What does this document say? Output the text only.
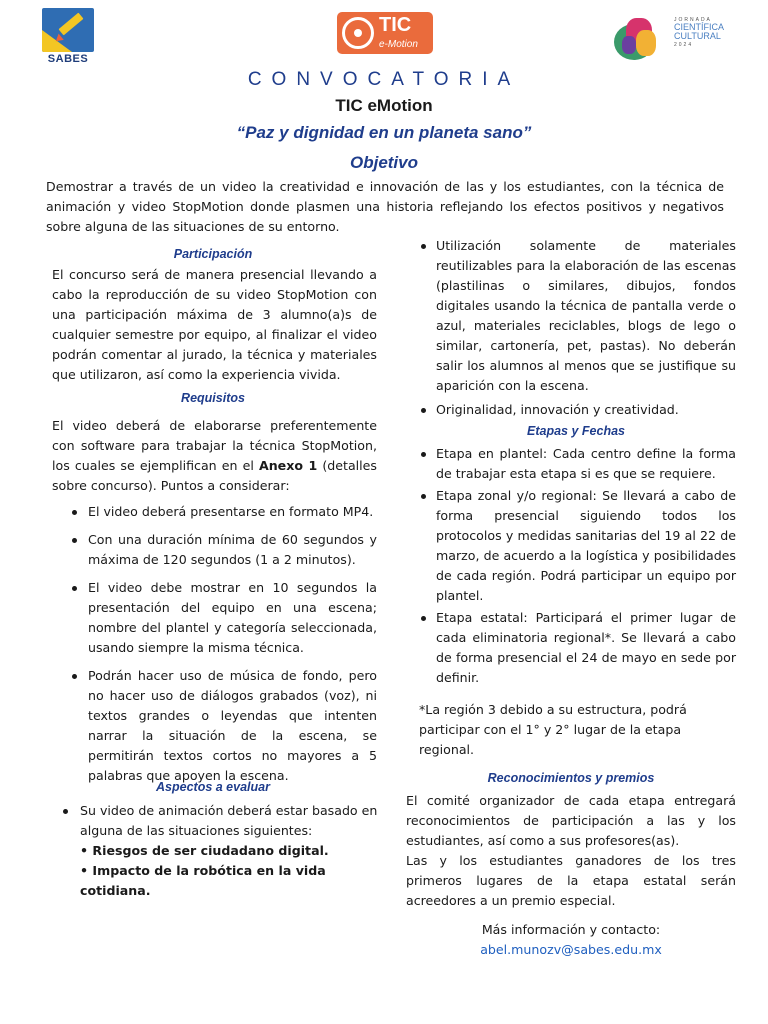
SABES
TIC
e-Motion
JORNADA
CIENTÍFICA
CULTURAL
2024
CONVOCATORIA
TIC eMotion
“Paz y dignidad en un planeta sano”
Objetivo
Demostrar a través de un video la creatividad e innovación de las y los estudiantes, con la técnica de animación y video StopMotion donde plasmen una historia reflejando los efectos positivos y negativos sobre alguna de las situaciones de su entorno.
Participación
El concurso será de manera presencial llevando a cabo la reproducción de su video StopMotion con una participación máxima de 3 alumno(a)s de cualquier semestre por equipo, al finalizar el video podrán comentar al jurado, la técnica y materiales que utilizaron, así como la experiencia vivida.
Requisitos
El video deberá de elaborarse preferentemente con software para trabajar la técnica StopMotion, los cuales se ejemplifican en el Anexo 1 (detalles sobre concurso). Puntos a considerar:
El video deberá presentarse en formato MP4.
Con una duración mínima de 60 segundos y máxima de 120 segundos (1 a 2 minutos).
El video debe mostrar en 10 segundos la presentación del equipo en una escena; nombre del plantel y categoría seleccionada, usando siempre la misma técnica.
Podrán hacer uso de música de fondo, pero no hacer uso de diálogos grabados (voz), ni textos grandes o leyendas que intenten narrar la situación de la escena, se permitirán textos cortos no mayores a 5 palabras que apoyen la escena.
Aspectos a evaluar
Su video de animación deberá estar basado en alguna de las situaciones siguientes:
• Riesgos de ser ciudadano digital.
• Impacto de la robótica en la vida cotidiana.
Utilización solamente de materiales reutilizables para la elaboración de las escenas (plastilinas o similares, dibujos, fondos digitales usando la técnica de pantalla verde o azul, materiales reciclables, blogs de lego o similar, cartonería, pet, pastas). No deberán salir los alumnos al menos que se justifique su aparición con la escena.
Originalidad, innovación y creatividad.
Etapas y Fechas
Etapa en plantel: Cada centro define la forma de trabajar esta etapa si es que se requiere.
Etapa zonal y/o regional: Se llevará a cabo de forma presencial siguiendo todos los protocolos y medidas sanitarias del 19 al 22 de marzo, de acuerdo a la logística y posibilidades de cada región. Podrá participar un equipo por plantel.
Etapa estatal: Participará el primer lugar de cada eliminatoria regional*. Se llevará a cabo de forma presencial el 24 de mayo en sede por definir.
*La región 3 debido a su estructura, podrá participar con el 1° y 2° lugar de la etapa regional.
Reconocimientos y premios
El comité organizador de cada etapa entregará reconocimientos de participación a las y los estudiantes, así como a sus profesores(as).
Las y los estudiantes ganadores de los tres primeros lugares de la etapa estatal serán acreedores a un premio especial.
Más información y contacto:
abel.munozv@sabes.edu.mx
